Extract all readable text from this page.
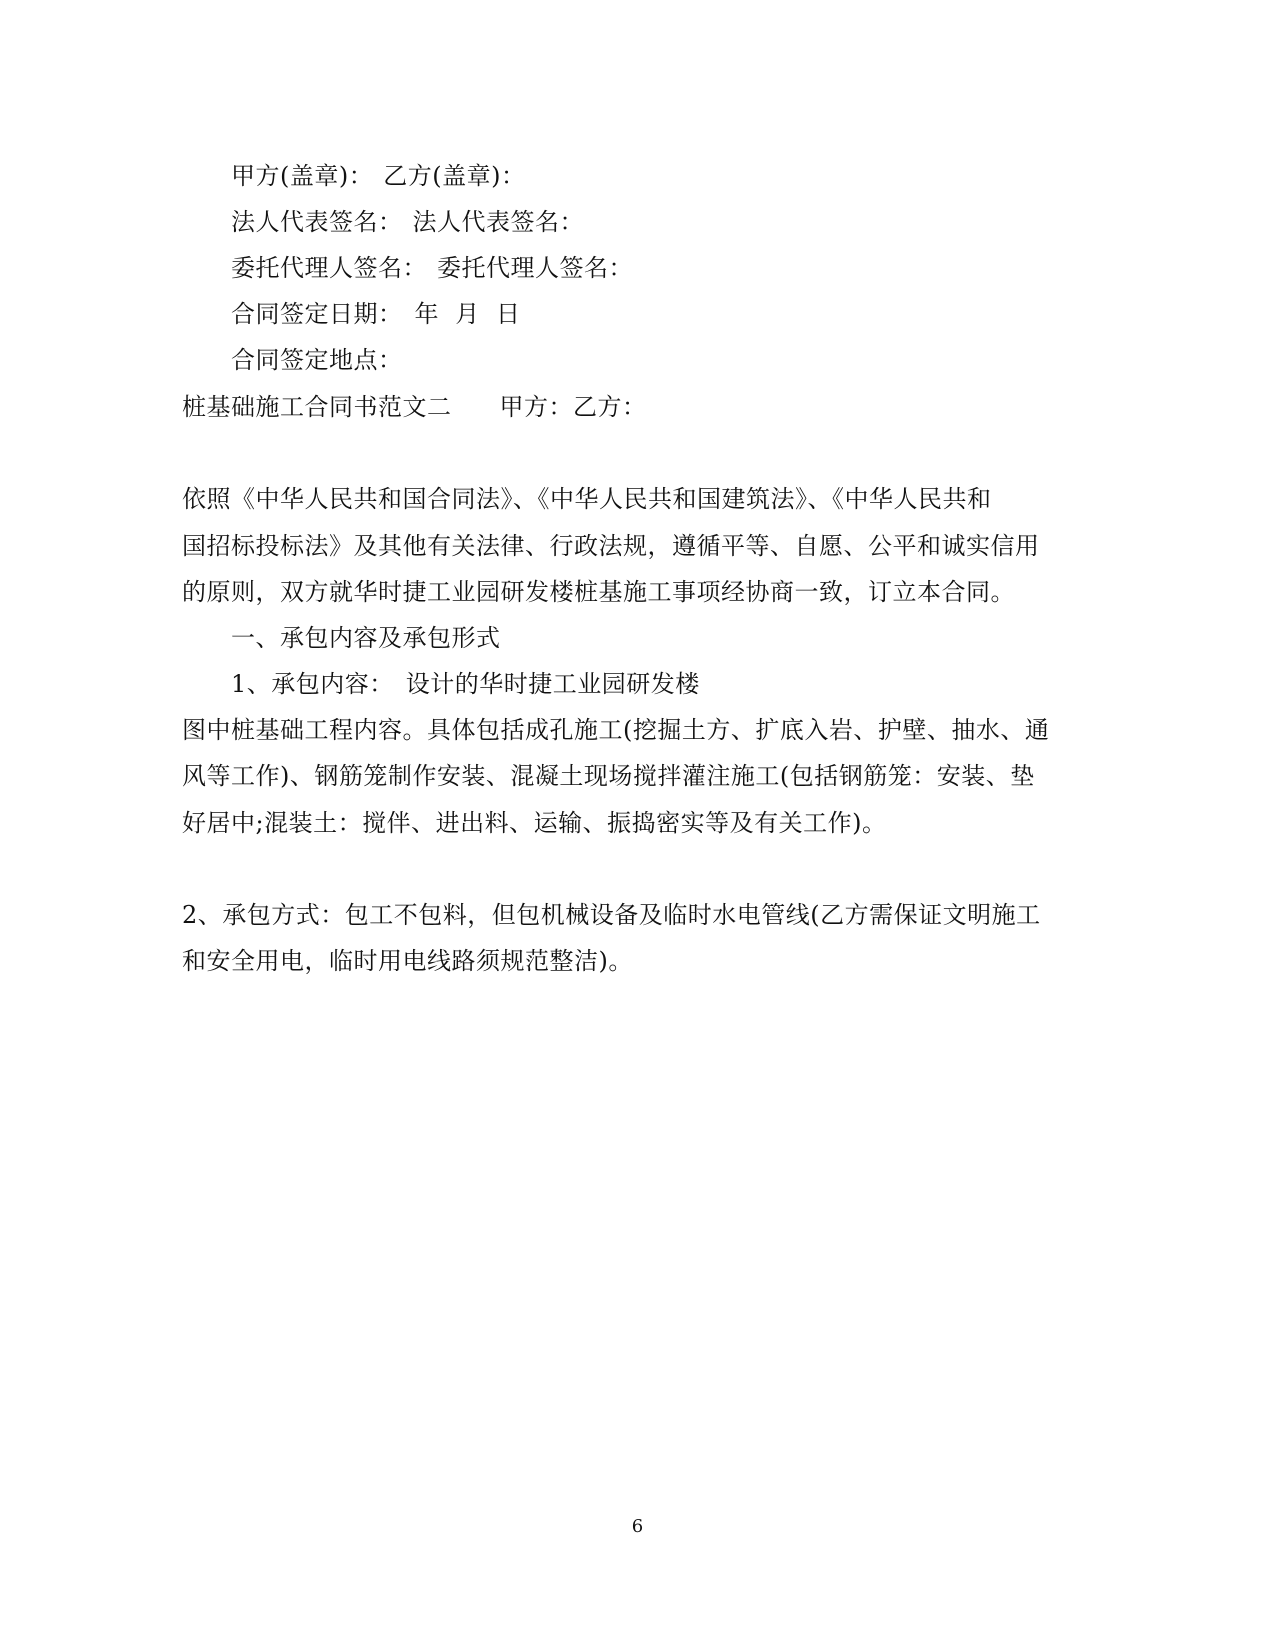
甲方(盖章)： 乙方(盖章)：
法人代表签名： 法人代表签名：
委托代理人签名： 委托代理人签名：
合同签定日期： 年  月  日
合同签定地点：
桩基础施工合同书范文二 甲方：乙方：
依照《中华人民共和国合同法》、《中华人民共和国建筑法》、《中华人民共和
国招标投标法》及其他有关法律、行政法规，遵循平等、自愿、公平和诚实信用
的原则，双方就华时捷工业园研发楼桩基施工事项经协商一致，订立本合同。
一、承包内容及承包形式
1、承包内容： 设计的华时捷工业园研发楼
图中桩基础工程内容。具体包括成孔施工(挖掘土方、扩底入岩、护壁、抽水、通
风等工作)、钢筋笼制作安装、混凝土现场搅拌灌注施工(包括钢筋笼：安装、垫
好居中;混装土：搅伴、进出料、运输、振捣密实等及有关工作)。
2、承包方式：包工不包料，但包机械设备及临时水电管线(乙方需保证文明施工
和安全用电，临时用电线路须规范整洁)。
6
